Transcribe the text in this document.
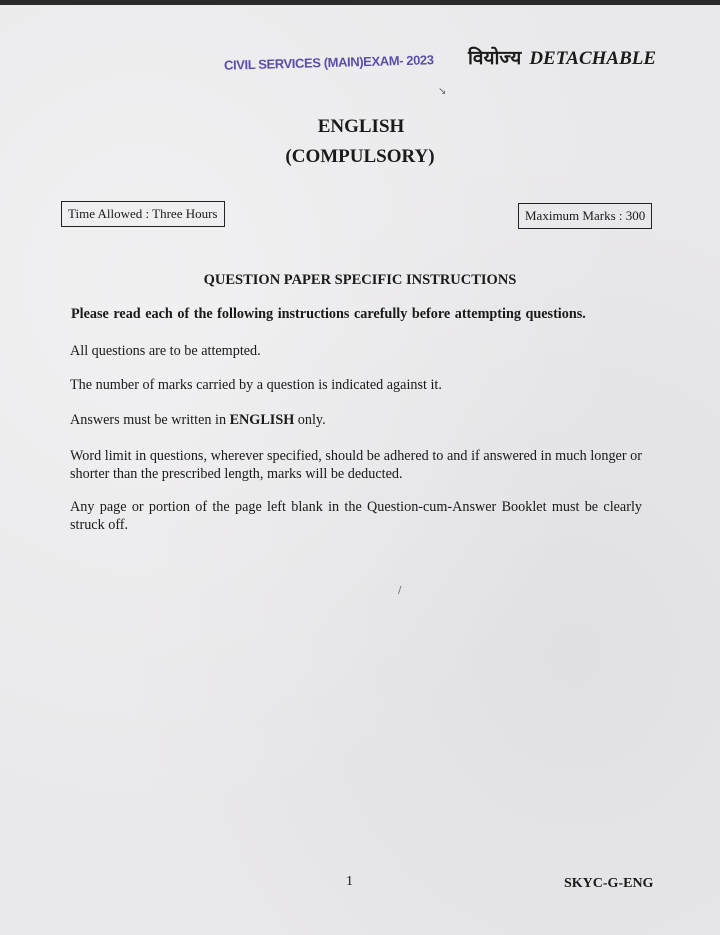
CIVIL SERVICES (MAIN)EXAM- 2023 वियोज्य DETACHABLE
ENGLISH
(COMPULSORY)
Time Allowed : Three Hours	Maximum Marks : 300
QUESTION PAPER SPECIFIC INSTRUCTIONS
Please read each of the following instructions carefully before attempting questions.
All questions are to be attempted.
The number of marks carried by a question is indicated against it.
Answers must be written in ENGLISH only.
Word limit in questions, wherever specified, should be adhered to and if answered in much longer or shorter than the prescribed length, marks will be deducted.
Any page or portion of the page left blank in the Question-cum-Answer Booklet must be clearly struck off.
↘
/
1	SKYC-G-ENG
